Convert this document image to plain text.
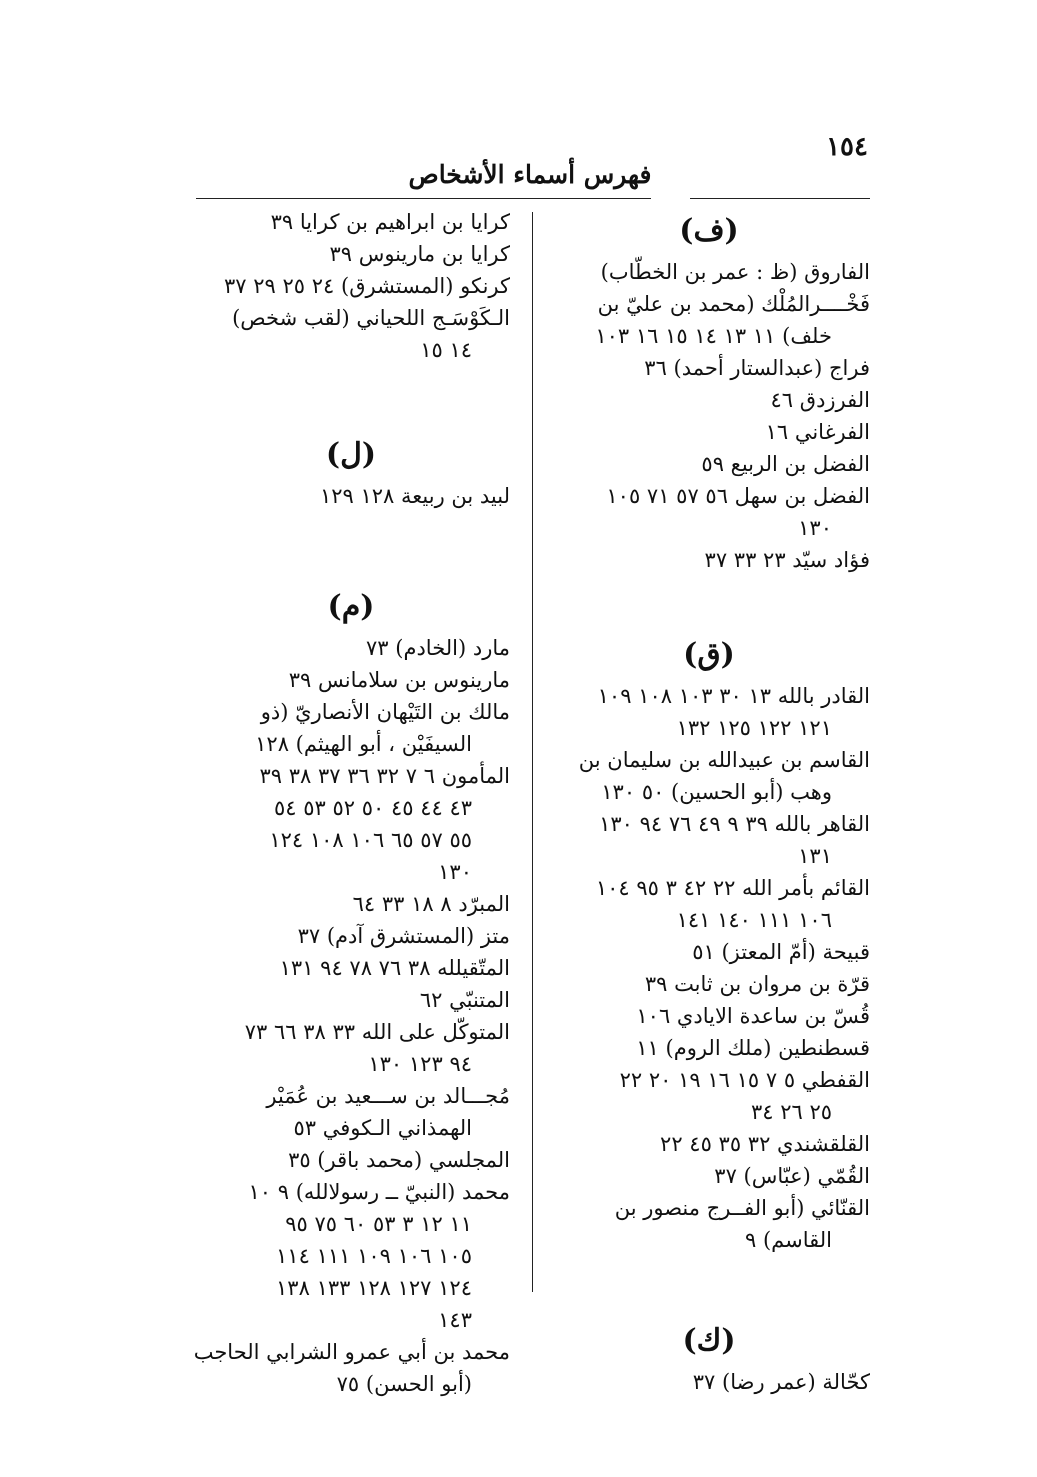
١٥٤
فهرس أسماء الأشخاص
(ف)
الفاروق (ظ : عمر بن الخطّاب)
فَخْــــرالمُلْك (محمد بن عليّ بن
خلف) ١١ ١٣ ١٤ ١٥ ١٦ ١٠٣
فراج (عبدالستار أحمد) ٣٦
الفرزدق ٤٦
الفرغاني ١٦
الفضل بن الربيع ٥٩
الفضل بن سهل ٥٦ ٥٧ ٧١ ١٠٥
١٣٠
فؤاد سيّد ٢٣ ٣٣ ٣٧
(ق)
القادر بالله ١٣ ٣٠ ١٠٣ ١٠٨ ١٠٩
١٢١ ١٢٢ ١٢٥ ١٣٢
القاسم بن عبيدالله بن سليمان بن
وهب (أبو الحسين) ٥٠ ١٣٠
القاهر بالله ٣٩ ٩ ٤٩ ٧٦ ٩٤ ١٣٠
١٣١
القائم بأمر الله ٢٢ ٤٢ ٣ ٩٥ ١٠٤
١٠٦ ١١١ ١٤٠ ١٤١
قبيحة (أمّ المعتز) ٥١
قرّة بن مروان بن ثابت ٣٩
قُسّ بن ساعدة الايادي ١٠٦
قسطنطين (ملك الروم) ١١
القفطي ٥ ٧ ١٥ ١٦ ١٩ ٢٠ ٢٢
٢٥ ٢٦ ٣٤
القلقشندي ٣٢ ٣٥ ٤٥ ٢٢
القُمّي (عبّاس) ٣٧
القنّائي (أبو الفــرج منصور بن
القاسم) ٩
(ك)
كحّالة (عمر رضا) ٣٧
كرايا بن ابراهيم بن كرايا ٣٩
كرايا بن مارينوس ٣٩
كرنكو (المستشرق) ٢٤ ٢٥ ٢٩ ٣٧
الـكَوْسَـج اللحياني (لقب شخص)
١٤ ١٥
(ل)
لبيد بن ربيعة ١٢٨ ١٢٩
(م)
مارد (الخادم) ٧٣
مارينوس بن سلامانس ٣٩
مالك بن التَيْهان الأنصاريّ (ذو
السيفَيْن ، أبو الهيثم) ١٢٨
المأمون ٦ ٧ ٣٢ ٣٦ ٣٧ ٣٨ ٣٩
٤٣ ٤٤ ٤٥ ٥٠ ٥٢ ٥٣ ٥٤
٥٥ ٥٧ ٦٥ ١٠٦ ١٠٨ ١٢٤
١٣٠
المبرّد ٨ ١٨ ٣٣ ٦٤
متز (المستشرق آدم) ٣٧
المتّقيلله ٣٨ ٧٦ ٧٨ ٩٤ ١٣١
المتنبّي ٦٢
المتوكّل على الله ٣٣ ٣٨ ٦٦ ٧٣
٩٤ ١٢٣ ١٣٠
مُجـــالد بن ســـعيد بن عُمَيْر
الهمذاني الـكوفي ٥٣
المجلسي (محمد باقر) ٣٥
محمد (النبيّ ــ رسولالله) ٩ ١٠
١١ ١٢ ٣ ٥٣ ٦٠ ٧٥ ٩٥
١٠٥ ١٠٦ ١٠٩ ١١١ ١١٤
١٢٤ ١٢٧ ١٢٨ ١٣٣ ١٣٨
١٤٣
محمد بن أبي عمرو الشرابي الحاجب
(أبو الحسن) ٧٥
